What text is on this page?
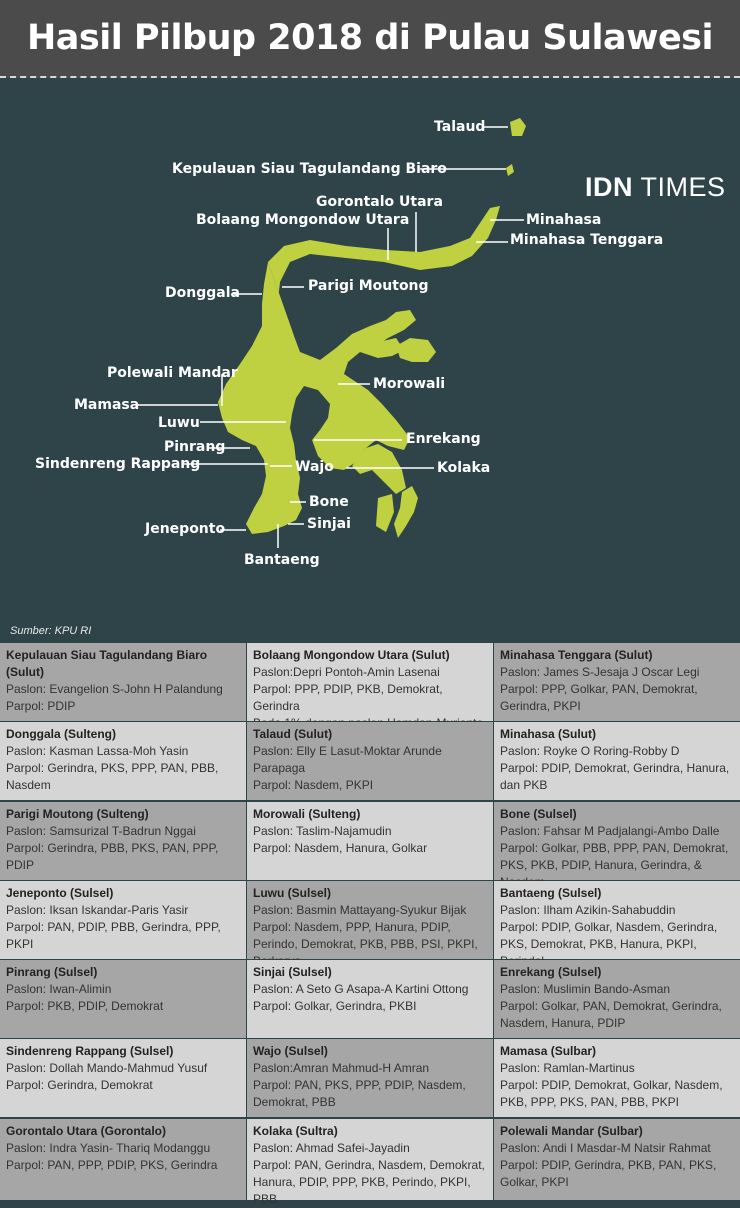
Hasil Pilbup 2018 di Pulau Sulawesi
IDN TIMES
Talaud
Kepulauan Siau Tagulandang Biaro
Gorontalo Utara
Bolaang Mongondow Utara	Minahasa
Minahasa Tenggara
Donggala	Parigi Moutong
Polewali Mandar
Mamasa
Morowali
Luwu
Enrekang
Pinrang
Sindenreng Rappang	Wajo	Kolaka
Bone
Sinjai
Jeneponto
Bantaeng
Sumber: KPU RI
Kepulauan Siau Tagulandang Biaro (Sulut)
Paslon: Evangelion S-John H Palandung
Parpol: PDIP
Bolaang Mongondow Utara (Sulut)
Paslon:Depri Pontoh-Amin Lasenai
Parpol: PPP, PDIP, PKB, Demokrat, Gerindra
Minahasa Tenggara (Sulut)
Paslon: James S-Jesaja J Oscar Legi
Parpol: PPP, Golkar, PAN, Demokrat, Gerindra, PKPI
Donggala (Sulteng)
Paslon: Kasman Lassa-Moh Yasin
Parpol: Gerindra, PKS, PPP, PAN, PBB, Nasdem
Talaud (Sulut)
Paslon: Elly E Lasut-Moktar Arunde Parapaga
Parpol: Nasdem, PKPI
Minahasa (Sulut)
Paslon: Royke O Roring-Robby D
Parpol: PDIP, Demokrat, Gerindra, Hanura, dan PKB
Parigi Moutong (Sulteng)
Paslon: Samsurizal T-Badrun Nggai
Parpol: Gerindra, PBB, PKS, PAN, PPP, PDIP
Morowali (Sulteng)
Paslon: Taslim-Najamudin
Parpol: Nasdem, Hanura, Golkar
Bone (Sulsel)
Paslon: Fahsar M Padjalangi-Ambo Dalle
Parpol: Golkar, PBB, PPP, PAN, Demokrat, PKS, PKB, PDIP, Hanura, Gerindra, &
Jeneponto (Sulsel)
Paslon: Iksan Iskandar-Paris Yasir
Parpol: PAN, PDIP, PBB, Gerindra, PPP, PKPI
Luwu (Sulsel)
Paslon: Basmin Mattayang-Syukur Bijak
Parpol: Nasdem, PPP, Hanura, PDIP, Perindo, Demokrat, PKB, PBB, PSI, PKPI,
Bantaeng (Sulsel)
Paslon: Ilham Azikin-Sahabuddin
Parpol: PDIP, Golkar, Nasdem, Gerindra, PKS, Demokrat, PKB, Hanura, PKPI,
Pinrang (Sulsel)
Paslon: Iwan-Alimin
Parpol: PKB, PDIP, Demokrat
Sinjai (Sulsel)
Paslon: A Seto G Asapa-A Kartini Ottong
Parpol: Golkar, Gerindra, PKBI
Enrekang (Sulsel)
Paslon: Muslimin Bando-Asman
Parpol: Golkar, PAN, Demokrat, Gerindra, Nasdem, Hanura, PDIP
Sindenreng Rappang (Sulsel)
Paslon: Dollah Mando-Mahmud Yusuf
Parpol: Gerindra, Demokrat
Wajo (Sulsel)
Paslon:Amran Mahmud-H Amran
Parpol: PAN, PKS, PPP, PDIP, Nasdem, Demokrat, PBB
Mamasa (Sulbar)
Paslon: Ramlan-Martinus
Parpol: PDIP, Demokrat, Golkar, Nasdem, PKB, PPP, PKS, PAN, PBB, PKPI
Gorontalo Utara (Gorontalo)
Paslon: Indra Yasin- Thariq Modanggu
Parpol: PAN, PPP, PDIP, PKS, Gerindra
Kolaka (Sultra)
Paslon: Ahmad Safei-Jayadin
Parpol: PAN, Gerindra, Nasdem, Demokrat, Hanura, PDIP, PPP, PKB, Perindo, PKPI, PBB
Polewali Mandar (Sulbar)
Paslon: Andi I Masdar-M Natsir Rahmat
Parpol: PDIP, Gerindra, PKB, PAN, PKS, Golkar, PKPI
